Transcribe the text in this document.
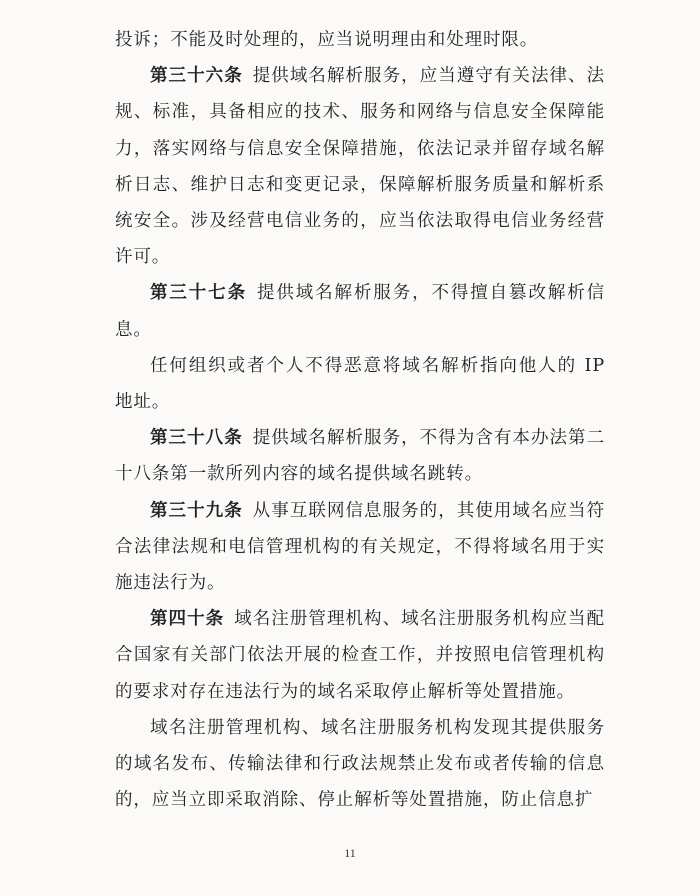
投诉；不能及时处理的，应当说明理由和处理时限。

第三十六条 提供域名解析服务，应当遵守有关法律、法规、标准，具备相应的技术、服务和网络与信息安全保障能力，落实网络与信息安全保障措施，依法记录并留存域名解析日志、维护日志和变更记录，保障解析服务质量和解析系统安全。涉及经营电信业务的，应当依法取得电信业务经营许可。

第三十七条 提供域名解析服务，不得擅自篡改解析信息。

任何组织或者个人不得恶意将域名解析指向他人的 IP 地址。

第三十八条 提供域名解析服务，不得为含有本办法第二十八条第一款所列内容的域名提供域名跳转。

第三十九条 从事互联网信息服务的，其使用域名应当符合法律法规和电信管理机构的有关规定，不得将域名用于实施违法行为。

第四十条 域名注册管理机构、域名注册服务机构应当配合国家有关部门依法开展的检查工作，并按照电信管理机构的要求对存在违法行为的域名采取停止解析等处置措施。

域名注册管理机构、域名注册服务机构发现其提供服务的域名发布、传输法律和行政法规禁止发布或者传输的信息的，应当立即采取消除、停止解析等处置措施，防止信息扩

11
